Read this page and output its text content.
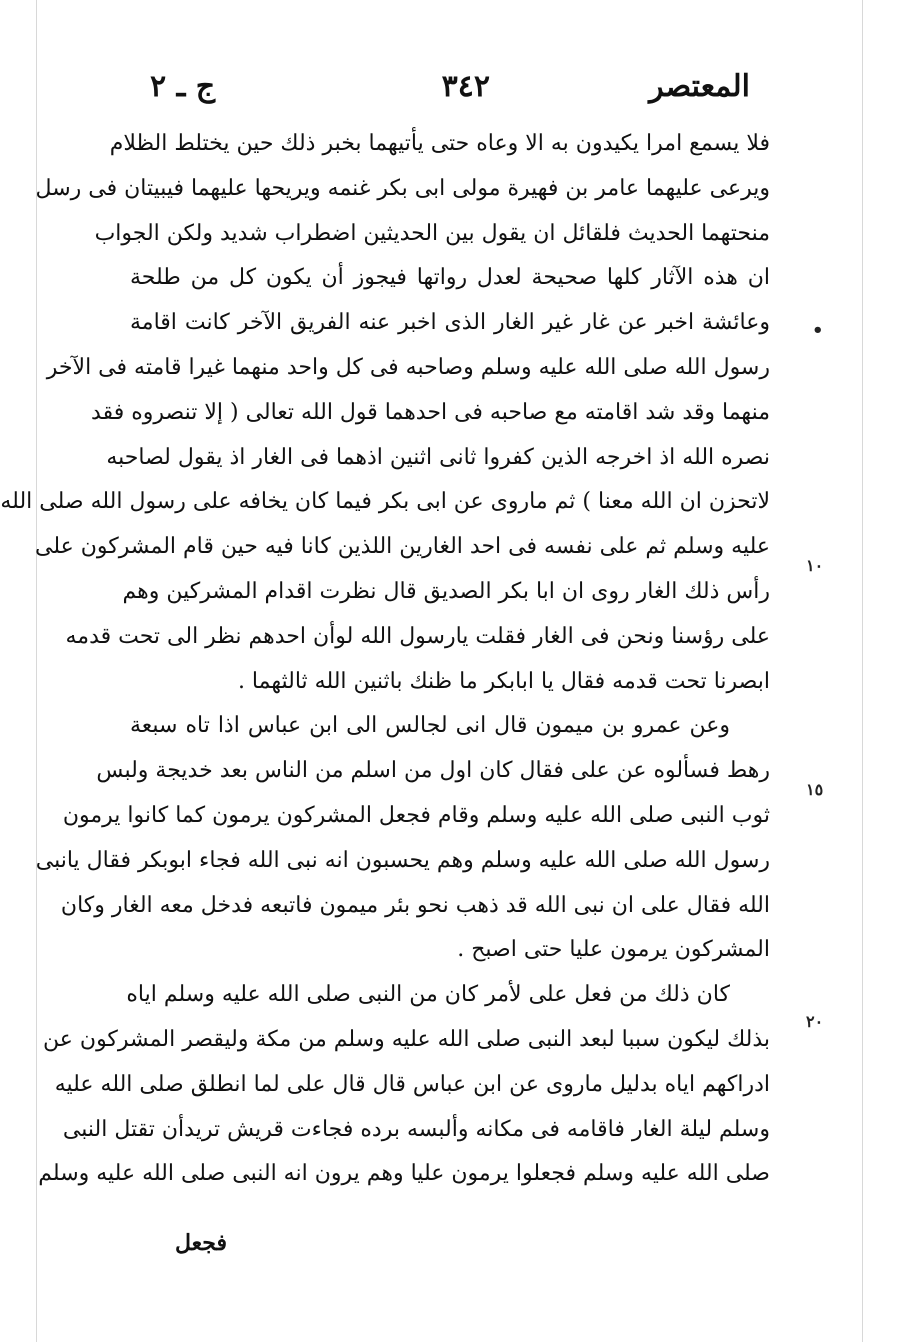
المعتصر
٣٤٢
ج ـ ٢
فلا يسمع امرا يكيدون به الا وعاه حتى يأتيهما بخبر ذلك حين يختلط الظلام
ويرعى عليهما عامر بن فهيرة مولى ابى بكر غنمه ويريحها عليهما فيبيتان فى رسل
منحتهما الحديث فلقائل ان يقول بين الحديثين اضطراب شديد ولكن الجواب
ان هذه الآثار كلها صحيحة لعدل رواتها فيجوز أن يكون كل من طلحة
وعائشة اخبر عن غار غير الغار الذى اخبر عنه الفريق الآخر كانت اقامة
رسول الله صلى الله عليه وسلم وصاحبه فى كل واحد منهما غيرا قامته فى الآخر
منهما وقد شد اقامته مع صاحبه فى احدهما قول الله تعالى ( إلا تنصروه فقد
نصره الله اذ اخرجه الذين كفروا ثانى اثنين اذهما فى الغار اذ يقول لصاحبه
لاتحزن ان الله معنا ) ثم ماروى عن ابى بكر فيما كان يخافه على رسول الله صلى الله
عليه وسلم ثم على نفسه فى احد الغارين اللذين كانا فيه حين قام المشركون على
رأس ذلك الغار روى ان ابا بكر الصديق قال نظرت اقدام المشركين وهم
على رؤسنا ونحن فى الغار فقلت يارسول الله لوأن احدهم نظر الى تحت قدمه
ابصرنا تحت قدمه فقال يا ابابكر ما ظنك باثنين الله ثالثهما .
وعن عمرو بن ميمون قال انى لجالس الى ابن عباس اذا تاه سبعة
رهط فسألوه عن على فقال كان اول من اسلم من الناس بعد خديجة ولبس
ثوب النبى صلى الله عليه وسلم وقام فجعل المشركون يرمون كما كانوا يرمون
رسول الله صلى الله عليه وسلم وهم يحسبون انه نبى الله فجاء ابوبكر فقال يانبى
الله فقال على ان نبى الله قد ذهب نحو بئر ميمون فاتبعه فدخل معه الغار وكان
المشركون يرمون عليا حتى اصبح .
كان ذلك من فعل على لأمر كان من النبى صلى الله عليه وسلم اياه
بذلك ليكون سببا لبعد النبى صلى الله عليه وسلم من مكة وليقصر المشركون عن
ادراكهم اياه بدليل ماروى عن ابن عباس قال قال على لما انطلق صلى الله عليه
وسلم ليلة الغار فاقامه فى مكانه وألبسه برده فجاءت قريش تريدأن تقتل النبى
صلى الله عليه وسلم فجعلوا يرمون عليا وهم يرون انه النبى صلى الله عليه وسلم
•
١٠
١٥
٢٠
فجعل
